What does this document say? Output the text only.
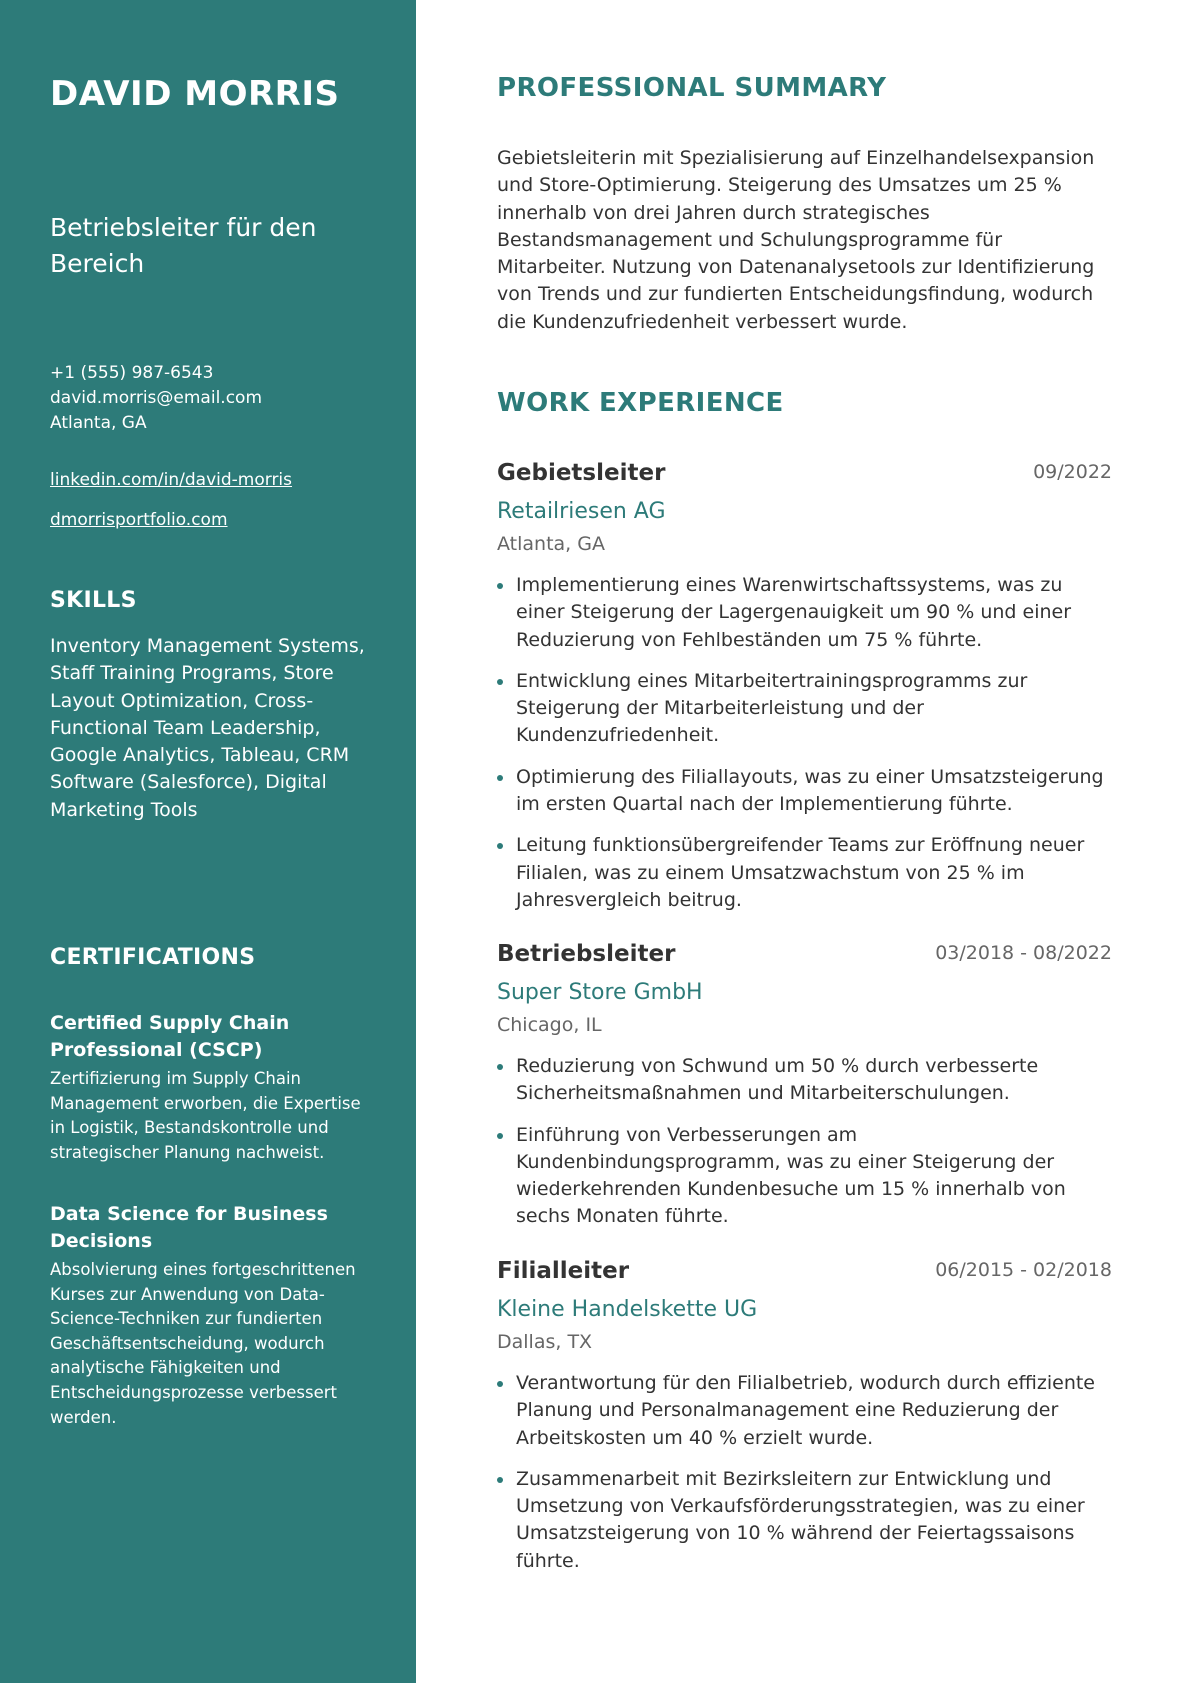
DAVID MORRIS
Betriebsleiter für den Bereich
+1 (555) 987-6543
david.morris@email.com
Atlanta, GA
linkedin.com/in/david-morris
dmorrisportfolio.com
SKILLS
Inventory Management Systems, Staff Training Programs, Store Layout Optimization, Cross-Functional Team Leadership, Google Analytics, Tableau, CRM Software (Salesforce), Digital Marketing Tools
CERTIFICATIONS
Certified Supply Chain Professional (CSCP)
Zertifizierung im Supply Chain Management erworben, die Expertise in Logistik, Bestandskontrolle und strategischer Planung nachweist.
Data Science for Business Decisions
Absolvierung eines fortgeschrittenen Kurses zur Anwendung von Data-Science-Techniken zur fundierten Geschäftsentscheidung, wodurch analytische Fähigkeiten und Entscheidungsprozesse verbessert werden.
PROFESSIONAL SUMMARY
Gebietsleiterin mit Spezialisierung auf Einzelhandelsexpansion und Store-Optimierung. Steigerung des Umsatzes um 25 % innerhalb von drei Jahren durch strategisches Bestandsmanagement und Schulungsprogramme für Mitarbeiter. Nutzung von Datenanalysetools zur Identifizierung von Trends und zur fundierten Entscheidungsfindung, wodurch die Kundenzufriedenheit verbessert wurde.
WORK EXPERIENCE
Gebietsleiter	09/2022
Retailriesen AG
Atlanta, GA
Implementierung eines Warenwirtschaftssystems, was zu einer Steigerung der Lagergenauigkeit um 90 % und einer Reduzierung von Fehlbeständen um 75 % führte.
Entwicklung eines Mitarbeitertrainingsprogramms zur Steigerung der Mitarbeiterleistung und der Kundenzufriedenheit.
Optimierung des Filiallayouts, was zu einer Umsatzsteigerung im ersten Quartal nach der Implementierung führte.
Leitung funktionsübergreifender Teams zur Eröffnung neuer Filialen, was zu einem Umsatzwachstum von 25 % im Jahresvergleich beitrug.
Betriebsleiter	03/2018 - 08/2022
Super Store GmbH
Chicago, IL
Reduzierung von Schwund um 50 % durch verbesserte Sicherheitsmaßnahmen und Mitarbeiterschulungen.
Einführung von Verbesserungen am Kundenbindungsprogramm, was zu einer Steigerung der wiederkehrenden Kundenbesuche um 15 % innerhalb von sechs Monaten führte.
Filialleiter	06/2015 - 02/2018
Kleine Handelskette UG
Dallas, TX
Verantwortung für den Filialbetrieb, wodurch durch effiziente Planung und Personalmanagement eine Reduzierung der Arbeitskosten um 40 % erzielt wurde.
Zusammenarbeit mit Bezirksleitern zur Entwicklung und Umsetzung von Verkaufsförderungsstrategien, was zu einer Umsatzsteigerung von 10 % während der Feiertagssaisons führte.
